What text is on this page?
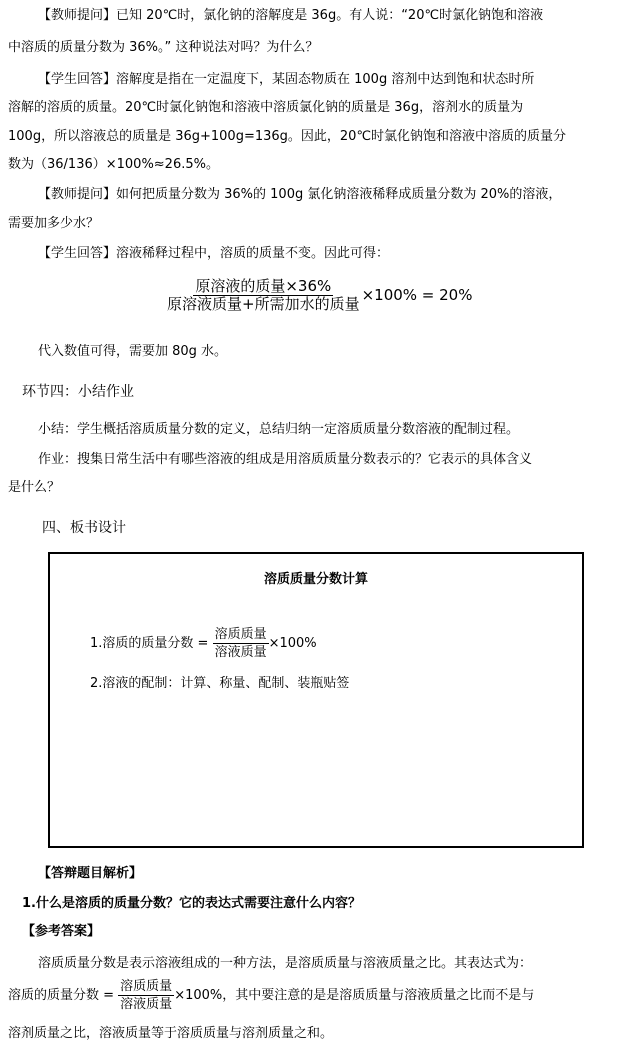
【教师提问】已知 20℃时，氯化钠的溶解度是 36g。有人说：“20℃时氯化钠饱和溶液
中溶质的质量分数为 36%。” 这种说法对吗？为什么？
【学生回答】溶解度是指在一定温度下，某固态物质在 100g 溶剂中达到饱和状态时所
溶解的溶质的质量。20℃时氯化钠饱和溶液中溶质氯化钠的质量是 36g，溶剂水的质量为
100g，所以溶液总的质量是 36g+100g=136g。因此，20℃时氯化钠饱和溶液中溶质的质量分
数为（36/136）×100%≈26.5%。
【教师提问】如何把质量分数为 36%的 100g 氯化钠溶液稀释成质量分数为 20%的溶液，
需要加多少水？
【学生回答】溶液稀释过程中，溶质的质量不变。因此可得：
$\frac{\text{原溶液的质量×36\%}}{\text{原溶液质量+所需加水的质量}} \times 100\% = 20\%$
代入数值可得，需要加 80g 水。
环节四：小结作业
小结：学生概括溶质质量分数的定义，总结归纳一定溶质质量分数溶液的配制过程。
作业：搜集日常生活中有哪些溶液的组成是用溶质质量分数表示的？它表示的具体含义
是什么？
四、板书设计
溶质质量分数计算
1.溶质的质量分数 = $\frac{\text{溶质质量}}{\text{溶液质量}} \times 100\%$
2.溶液的配制：计算、称量、配制、装瓶贴签
【答辩题目解析】
1.什么是溶质的质量分数？它的表达式需要注意什么内容？
【参考答案】
溶质质量分数是表示溶液组成的一种方法，是溶质质量与溶液质量之比。其表达式为：
溶质的质量分数 = $\frac{\text{溶质质量}}{\text{溶液质量}} \times 100\%$，其中要注意的是是溶质质量与溶液质量之比而不是与
溶剂质量之比，溶液质量等于溶质质量与溶剂质量之和。
